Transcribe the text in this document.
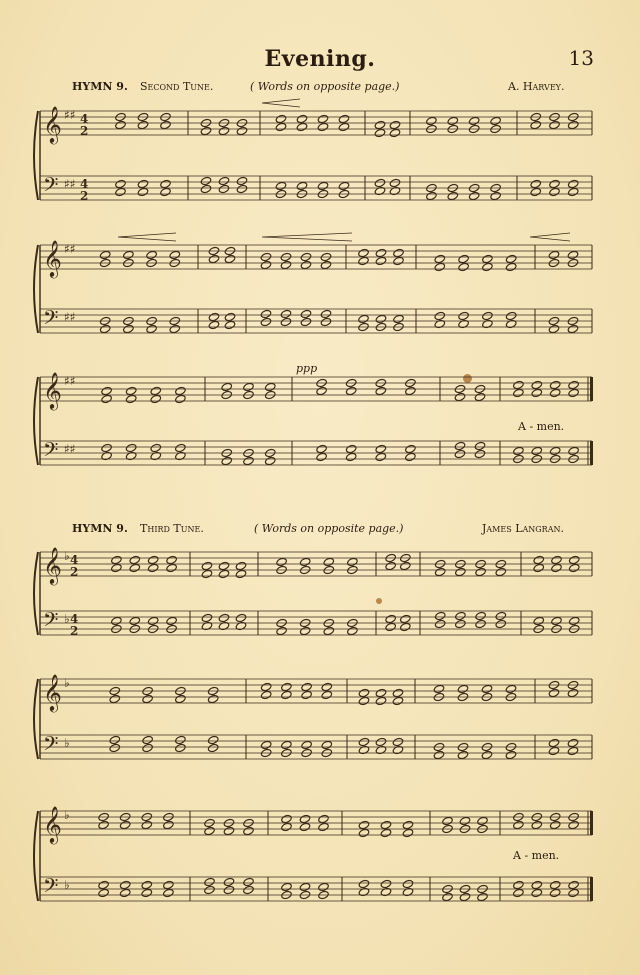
Evening.	13
HYMN 9. Second Tune.	( Words on opposite page.)	A. Harvey.
HYMN 9. Third Tune.	( Words on opposite page.)	James Langran.
ppp
A - men.
A - men.
𝄞
𝄢
♯♯
♯♯
4
2
4
2
𝄞
𝄢
♯♯
♯♯
𝄞
𝄢
♯♯
♯♯
𝄞
𝄢
♭
♭
4
2
4
2
𝄞
𝄢
♭
♭
𝄞
𝄢
♭
♭
